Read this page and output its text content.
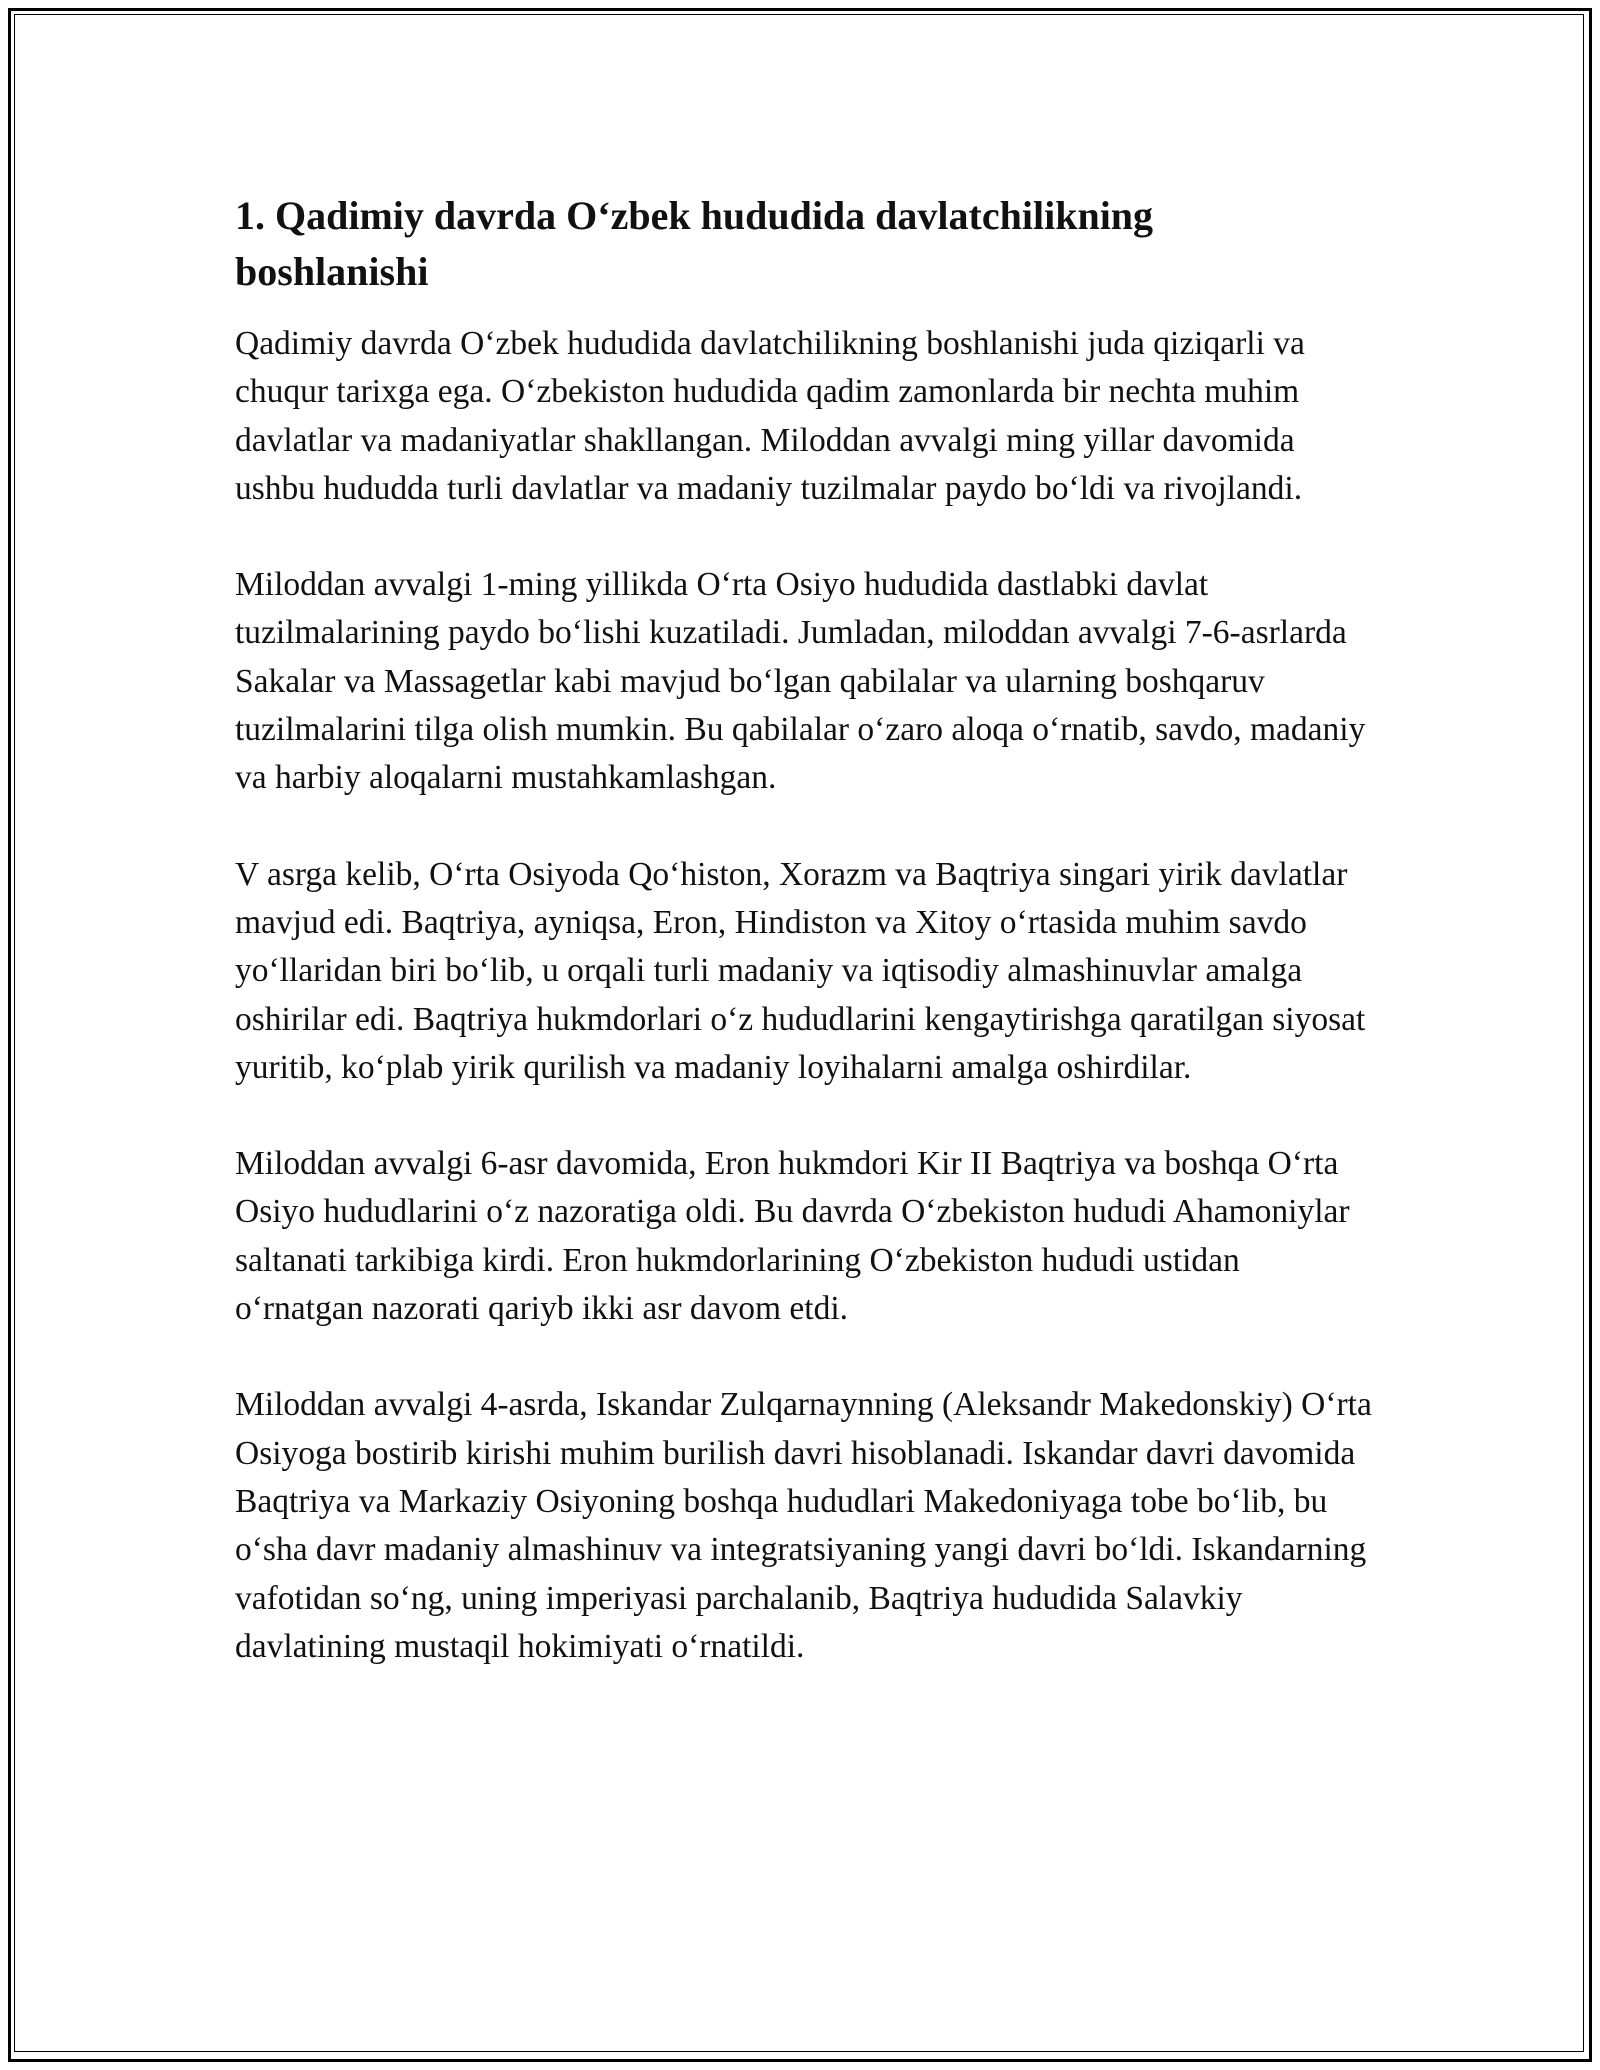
1. Qadimiy davrda O‘zbek hududida davlatchilikning boshlanishi

Qadimiy davrda O‘zbek hududida davlatchilikning boshlanishi juda qiziqarli va chuqur tarixga ega. O‘zbekiston hududida qadim zamonlarda bir nechta muhim davlatlar va madaniyatlar shakllangan. Miloddan avvalgi ming yillar davomida ushbu hududda turli davlatlar va madaniy tuzilmalar paydo bo‘ldi va rivojlandi.

Miloddan avvalgi 1-ming yillikda O‘rta Osiyo hududida dastlabki davlat tuzilmalarining paydo bo‘lishi kuzatiladi. Jumladan, miloddan avvalgi 7-6-asrlarda Sakalar va Massagetlar kabi mavjud bo‘lgan qabilalar va ularning boshqaruv tuzilmalarini tilga olish mumkin. Bu qabilalar o‘zaro aloqa o‘rnatib, savdo, madaniy va harbiy aloqalarni mustahkamlashgan.

V asrga kelib, O‘rta Osiyoda Qo‘histon, Xorazm va Baqtriya singari yirik davlatlar mavjud edi. Baqtriya, ayniqsa, Eron, Hindiston va Xitoy o‘rtasida muhim savdo yo‘llaridan biri bo‘lib, u orqali turli madaniy va iqtisodiy almashinuvlar amalga oshirilar edi. Baqtriya hukmdorlari o‘z hududlarini kengaytirishga qaratilgan siyosat yuritib, ko‘plab yirik qurilish va madaniy loyihalarni amalga oshirdilar.

Miloddan avvalgi 6-asr davomida, Eron hukmdori Kir II Baqtriya va boshqa O‘rta Osiyo hududlarini o‘z nazoratiga oldi. Bu davrda O‘zbekiston hududi Ahamoniylar saltanati tarkibiga kirdi. Eron hukmdorlarining O‘zbekiston hududi ustidan o‘rnatgan nazorati qariyb ikki asr davom etdi.

Miloddan avvalgi 4-asrda, Iskandar Zulqarnaynning (Aleksandr Makedonskiy) O‘rta Osiyoga bostirib kirishi muhim burilish davri hisoblanadi. Iskandar davri davomida Baqtriya va Markaziy Osiyoning boshqa hududlari Makedoniyaga tobe bo‘lib, bu o‘sha davr madaniy almashinuv va integratsiyaning yangi davri bo‘ldi. Iskandarning vafotidan so‘ng, uning imperiyasi parchalanib, Baqtriya hududida Salavkiy davlatining mustaqil hokimiyati o‘rnatildi.
